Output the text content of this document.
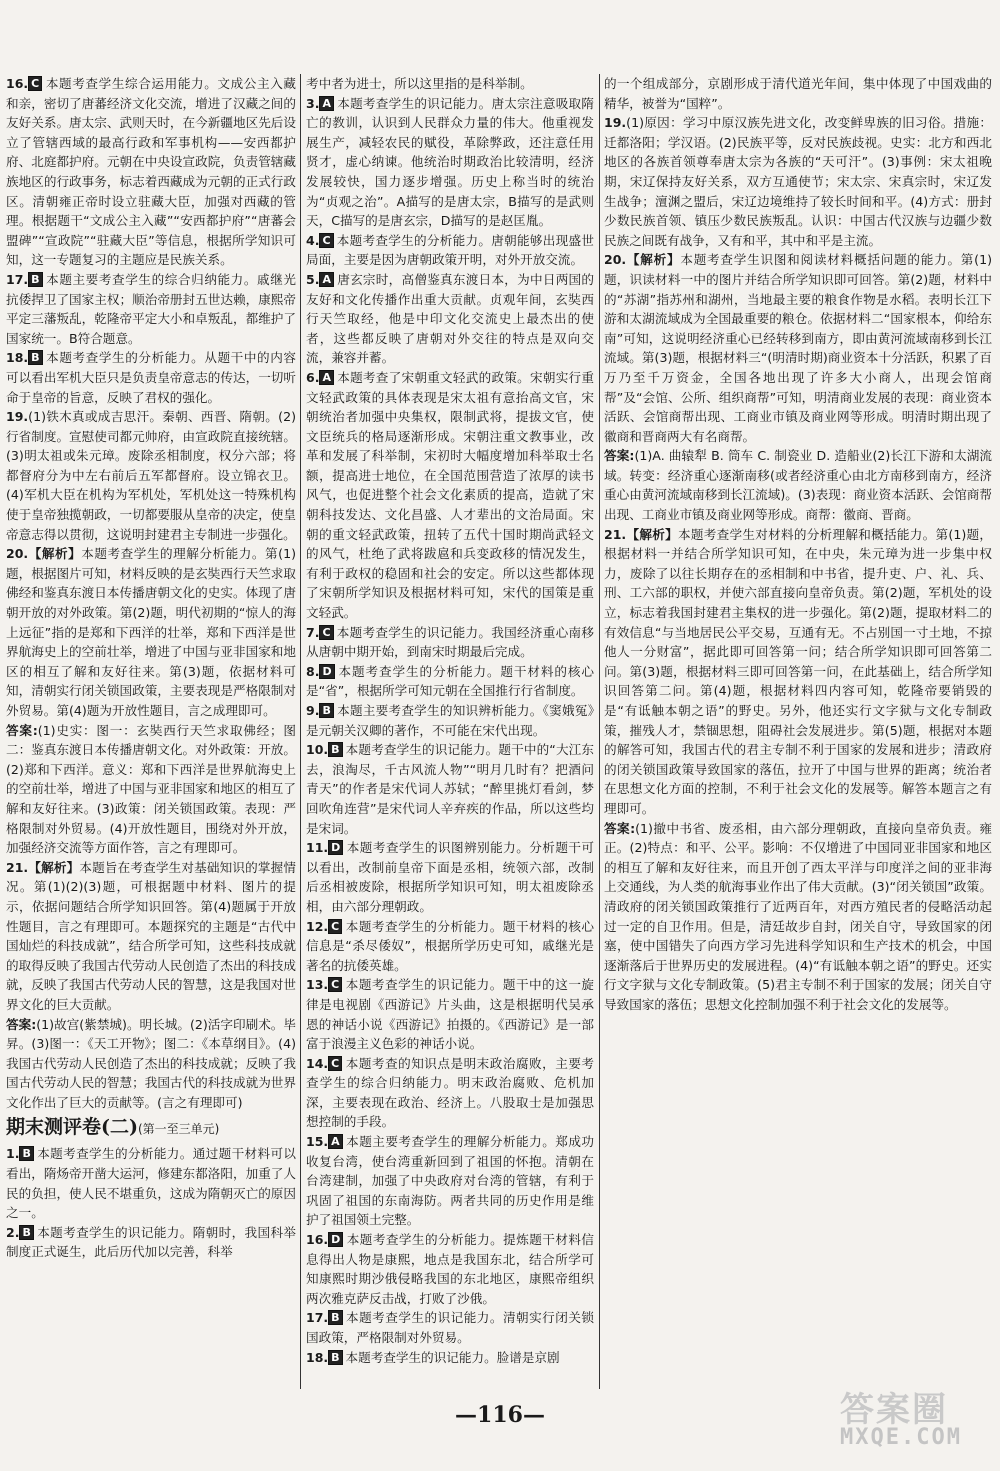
16. C 本题考查学生综合运用能力。文成公主入藏和亲，密切了唐蕃经济文化交流，增进了汉藏之间的友好关系。唐太宗、武则天时，在今新疆地区先后设立了管辖西域的最高行政和军事机构——安西都护府、北庭都护府。元朝在中央设宣政院，负责管辖藏族地区的行政事务，标志着西藏成为元朝的正式行政区。清朝雍正帝时设立驻藏大臣，加强对西藏的管理。根据题干“文成公主入藏”“安西都护府”“唐蕃会盟碑”“宣政院”“驻藏大臣”等信息，根据所学知识可知，这一专题复习的主题应是民族关系。

17. B 本题主要考查学生的综合归纳能力。戚继光抗倭捍卫了国家主权；顺治帝册封五世达赖，康熙帝平定三藩叛乱，乾隆帝平定大小和卓叛乱，都维护了国家统一。B符合题意。

18. B 本题考查学生的分析能力。从题干中的内容可以看出军机大臣只是负责皇帝意志的传达，一切听命于皇帝的旨意，反映了君权的强化。

19.(1)铁木真或成吉思汗。秦朝、西晋、隋朝。(2)行省制度。宣慰使司都元帅府，由宣政院直接统辖。(3)明太祖或朱元璋。废除丞相制度，权分六部；将都督府分为中左右前后五军都督府。设立锦衣卫。(4)军机大臣在机构为军机处，军机处这一特殊机构使于皇帝独揽朝政，一切都要服从皇帝的决定，使皇帝意志得以贯彻，这说明封建君主专制进一步强化。

20.【解析】本题考查学生的理解分析能力。第(1)题，根据图片可知，材料反映的是玄奘西行天竺求取佛经和鉴真东渡日本传播唐朝文化的史实。体现了唐朝开放的对外政策。第(2)题，明代初期的“惊人的海上远征”指的是郑和下西洋的壮举，郑和下西洋是世界航海史上的空前壮举，增进了中国与亚非国家和地区的相互了解和友好往来。第(3)题，依据材料可知，清朝实行闭关锁国政策，主要表现是严格限制对外贸易。第(4)题为开放性题目，言之成理即可。

答案:(1)史实：图一：玄奘西行天竺求取佛经；图二：鉴真东渡日本传播唐朝文化。对外政策：开放。(2)郑和下西洋。意义：郑和下西洋是世界航海史上的空前壮举，增进了中国与亚非国家和地区的相互了解和友好往来。(3)政策：闭关锁国政策。表现：严格限制对外贸易。(4)开放性题目，围绕对外开放，加强经济交流等方面作答，言之有理即可。

21.【解析】本题旨在考查学生对基础知识的掌握情况。第(1)(2)(3)题，可根据题中材料、图片的提示，依据问题结合所学知识回答。第(4)题属于开放性题目，言之有理即可。本题探究的主题是“古代中国灿烂的科技成就”，结合所学可知，这些科技成就的取得反映了我国古代劳动人民创造了杰出的科技成就，反映了我国古代劳动人民的智慧，这是我国对世界文化的巨大贡献。

答案:(1)故宫(紫禁城)。明长城。(2)活字印刷术。毕昇。(3)图一：《天工开物》；图二：《本草纲目》。(4)我国古代劳动人民创造了杰出的科技成就；反映了我国古代劳动人民的智慧；我国古代的科技成就为世界文化作出了巨大的贡献等。(言之有理即可)

期末测评卷(二)(第一至三单元)

1. B 本题考查学生的分析能力。通过题干材料可以看出，隋炀帝开凿大运河，修建东都洛阳，加重了人民的负担，使人民不堪重负，这成为隋朝灭亡的原因之一。

2. B 本题考查学生的识记能力。隋朝时，我国科举制度正式诞生，此后历代加以完善，科举

考中者为进士，所以这里指的是科举制。

3. A 本题考查学生的识记能力。唐太宗注意吸取隋亡的教训，认识到人民群众力量的伟大。他重视发展生产，减轻农民的赋役，革除弊政，还注意任用贤才，虚心纳谏。他统治时期政治比较清明，经济发展较快，国力逐步增强。历史上称当时的统治为“贞观之治”。A描写的是唐太宗，B描写的是武则天，C描写的是唐玄宗，D描写的是赵匡胤。

4. C 本题考查学生的分析能力。唐朝能够出现盛世局面，主要是因为唐朝政策开明，对外开放交流。

5. A 唐玄宗时，高僧鉴真东渡日本，为中日两国的友好和文化传播作出重大贡献。贞观年间，玄奘西行天竺取经，他是中印文化交流史上最杰出的使者，这些都反映了唐朝对外交往的特点是双向交流，兼容并蓄。

6. A 本题考查了宋朝重文轻武的政策。宋朝实行重文轻武政策的具体表现是宋太祖有意抬高文官，宋朝统治者加强中央集权，限制武将，提拔文官，使文臣统兵的格局逐渐形成。宋朝注重文教事业，改革和发展了科举制，宋初时大幅度增加科举取士名额，提高进士地位，在全国范围营造了浓厚的读书风气，也促进整个社会文化素质的提高，造就了宋朝科技发达、文化昌盛、人才辈出的文治局面。宋朝的重文轻武政策，扭转了五代十国时期尚武轻文的风气，杜绝了武将跋扈和兵变政移的情况发生，有利于政权的稳固和社会的安定。所以这些都体现了宋朝所学知识及根据材料可知，宋代的国策是重文轻武。

7. C 本题考查学生的识记能力。我国经济重心南移从唐朝中期开始，到南宋时期最后完成。

8. D 本题考查学生的分析能力。题干材料的核心是“省”，根据所学可知元朝在全国推行行省制度。

9. B 本题主要考查学生的知识辨析能力。《窦娥冤》是元朝关汉卿的著作，不可能在宋代出现。

10. B 本题考查学生的识记能力。题干中的“大江东去，浪淘尽，千古风流人物”“明月几时有？把酒问青天”的作者是宋代词人苏轼；“醉里挑灯看剑，梦回吹角连营”是宋代词人辛弃疾的作品，所以这些均是宋词。

11. D 本题考查学生的识图辨别能力。分析题干可以看出，改制前皇帝下面是丞相，统领六部，改制后丞相被废除，根据所学知识可知，明太祖废除丞相，由六部分理朝政。

12. C 本题考查学生的分析能力。题干材料的核心信息是“杀尽倭奴”，根据所学历史可知，戚继光是著名的抗倭英雄。

13. C 本题考查学生的识记能力。题干中的这一旋律是电视剧《西游记》片头曲，这是根据明代吴承恩的神话小说《西游记》拍摄的。《西游记》是一部富于浪漫主义色彩的神话小说。

14. C 本题考查的知识点是明末政治腐败，主要考查学生的综合归纳能力。明末政治腐败、危机加深，主要表现在政治、经济上。八股取士是加强思想控制的手段。

15. A 本题主要考查学生的理解分析能力。郑成功收复台湾，使台湾重新回到了祖国的怀抱。清朝在台湾建制，加强了中央政府对台湾的管辖，有利于巩固了祖国的东南海防。两者共同的历史作用是维护了祖国领土完整。

16. D 本题考查学生的分析能力。提炼题干材料信息得出人物是康熙，地点是我国东北，结合所学可知康熙时期沙俄侵略我国的东北地区，康熙帝组织两次雅克萨反击战，打败了沙俄。

17. B 本题考查学生的识记能力。清朝实行闭关锁国政策，严格限制对外贸易。

18. B 本题考查学生的识记能力。脸谱是京剧

的一个组成部分，京剧形成于清代道光年间，集中体现了中国戏曲的精华，被誉为“国粹”。

19.(1)原因：学习中原汉族先进文化，改变鲜卑族的旧习俗。措施：迁都洛阳；学汉语。(2)民族平等，反对民族歧视。史实：北方和西北地区的各族首领尊奉唐太宗为各族的“天可汗”。(3)事例：宋太祖晚期，宋辽保持友好关系，双方互通使节；宋太宗、宋真宗时，宋辽发生战争；澶渊之盟后，宋辽边境维持了较长时间和平。(4)方式：册封少数民族首领、镇压少数民族叛乱。认识：中国古代汉族与边疆少数民族之间既有战争，又有和平，其中和平是主流。

20.【解析】本题考查学生识图和阅读材料概括问题的能力。第(1)题，识读材料一中的图片并结合所学知识即可回答。第(2)题，材料中的“苏湖”指苏州和湖州，当地最主要的粮食作物是水稻。表明长江下游和太湖流域成为全国最重要的粮仓。依据材料二“国家根本，仰给东南”可知，这说明经济重心已经转移到南方，即由黄河流域南移到长江流域。第(3)题，根据材料三“(明清时期)商业资本十分活跃，积累了百万乃至千万资金，全国各地出现了许多大小商人，出现会馆商帮”及“会馆、公所、组织商帮”可知，明清商业发展的表现：商业资本活跃、会馆商帮出现、工商业市镇及商业网等形成。明清时期出现了徽商和晋商两大有名商帮。

答案:(1)A. 曲辕犁 B. 筒车 C. 制瓷业 D. 造船业(2)长江下游和太湖流域。转变：经济重心逐渐南移(或者经济重心由北方南移到南方，经济重心由黄河流域南移到长江流域)。(3)表现：商业资本活跃、会馆商帮出现、工商业市镇及商业网等形成。商帮：徽商、晋商。

21.【解析】本题考查学生对材料的分析理解和概括能力。第(1)题，根据材料一并结合所学知识可知，在中央，朱元璋为进一步集中权力，废除了以往长期存在的丞相制和中书省，提升吏、户、礼、兵、刑、工六部的职权，并使六部直接向皇帝负责。第(2)题，军机处的设立，标志着我国封建君主集权的进一步强化。第(2)题，提取材料二的有效信息“与当地居民公平交易，互通有无。不占别国一寸土地，不掠他人一分财富”，据此即可回答第一问；结合所学知识即可回答第二问。第(3)题，根据材料三即可回答第一问，在此基础上，结合所学知识回答第二问。第(4)题，根据材料四内容可知，乾隆帝要销毁的是“有诋触本朝之语”的野史。另外，他还实行文字狱与文化专制政策，摧残人才，禁锢思想，阻碍社会发展进步。第(5)题，根据对本题的解答可知，我国古代的君主专制不利于国家的发展和进步；清政府的闭关锁国政策导致国家的落伍，拉开了中国与世界的距离；统治者在思想文化方面的控制，不利于社会文化的发展等。解答本题言之有理即可。

答案:(1)撤中书省、废丞相，由六部分理朝政，直接向皇帝负责。雍正。(2)特点：和平、公平。影响：不仅增进了中国同亚非国家和地区的相互了解和友好往来，而且开创了西太平洋与印度洋之间的亚非海上交通线，为人类的航海事业作出了伟大贡献。(3)“闭关锁国”政策。清政府的闭关锁国政策推行了近两百年，对西方殖民者的侵略活动起过一定的自卫作用。但是，清廷故步自封，闭关自守，导致国家的闭塞，使中国错失了向西方学习先进科学知识和生产技术的机会，中国逐渐落后于世界历史的发展进程。(4)“有诋触本朝之语”的野史。还实行文字狱与文化专制政策。(5)君主专制不利于国家的发展；闭关自守导致国家的落伍；思想文化控制加强不利于社会文化的发展等。

—116—	答案圈
MXQE.COM
